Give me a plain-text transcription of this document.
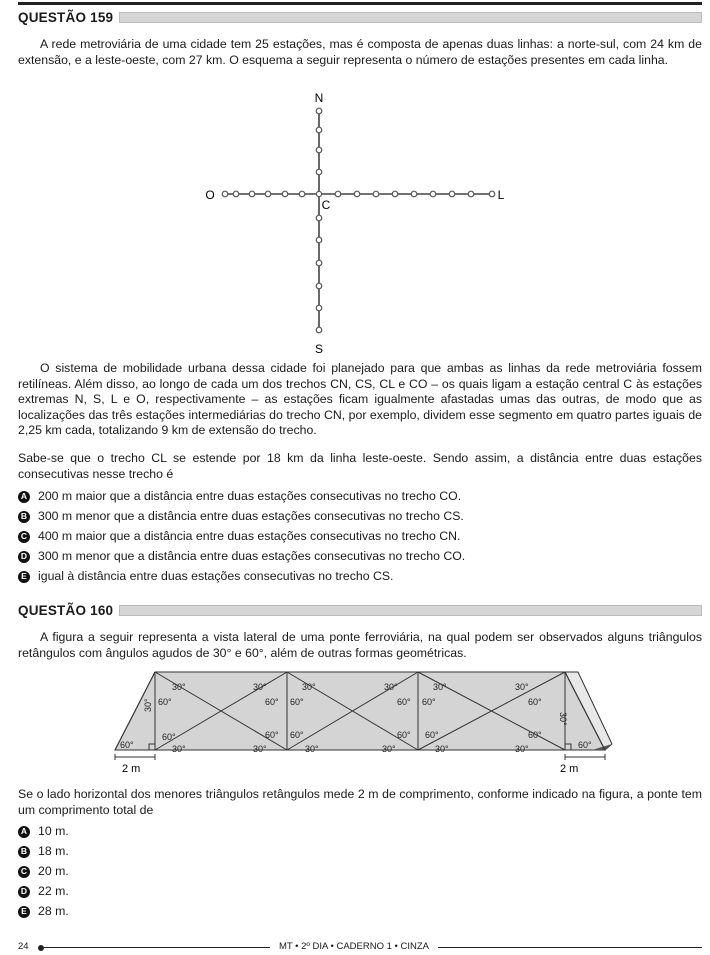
QUESTÃO 159
A rede metroviária de uma cidade tem 25 estações, mas é composta de apenas duas linhas: a norte-sul, com 24 km de extensão, e a leste-oeste, com 27 km. O esquema a seguir representa o número de estações presentes em cada linha.
N
S
O	L
C
O sistema de mobilidade urbana dessa cidade foi planejado para que ambas as linhas da rede metroviária fossem retilíneas. Além disso, ao longo de cada um dos trechos CN, CS, CL e CO – os quais ligam a estação central C às estações extremas N, S, L e O, respectivamente – as estações ficam igualmente afastadas umas das outras, de modo que as localizações das três estações intermediárias do trecho CN, por exemplo, dividem esse segmento em quatro partes iguais de 2,25 km cada, totalizando 9 km de extensão do trecho.
Sabe-se que o trecho CL se estende por 18 km da linha leste-oeste. Sendo assim, a distância entre duas estações consecutivas nesse trecho é
A 200 m maior que a distância entre duas estações consecutivas no trecho CO.
B 300 m menor que a distância entre duas estações consecutivas no trecho CS.
C 400 m maior que a distância entre duas estações consecutivas no trecho CN.
D 300 m menor que a distância entre duas estações consecutivas no trecho CO.
E igual à distância entre duas estações consecutivas no trecho CS.
QUESTÃO 160
A figura a seguir representa a vista lateral de uma ponte ferroviária, na qual podem ser observados alguns triângulos retângulos com ângulos agudos de 30° e 60°, além de outras formas geométricas.
30°
60°
60°
60°
30°
30°	30°
60° 60°
60° 60°
30°	30°
30°	30°
60° 60°
60° 60°
30°	30°
30°
60°
60°
30°	60°
30°
30°
2 m	2 m
Se o lado horizontal dos menores triângulos retângulos mede 2 m de comprimento, conforme indicado na figura, a ponte tem um comprimento total de
A 10 m.
B 18 m.
C 20 m.
D 22 m.
E 28 m.
24	MT • 2º DIA • CADERNO 1 • CINZA
